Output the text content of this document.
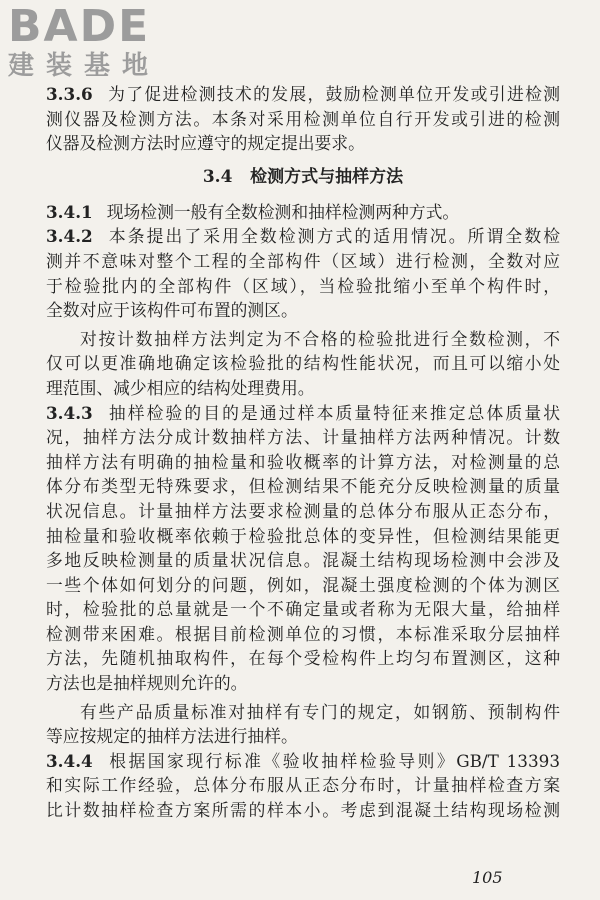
BADE
建装基地
3.3.6 为了促进检测技术的发展，鼓励检测单位开发或引进检测
测仪器及检测方法。本条对采用检测单位自行开发或引进的检测
仪器及检测方法时应遵守的规定提出要求。
3.4 检测方式与抽样方法
3.4.1 现场检测一般有全数检测和抽样检测两种方式。
3.4.2 本条提出了采用全数检测方式的适用情况。所谓全数检
测并不意味对整个工程的全部构件（区域）进行检测，全数对应
于检验批内的全部构件（区域），当检验批缩小至单个构件时，
全数对应于该构件可布置的测区。
对按计数抽样方法判定为不合格的检验批进行全数检测，不
仅可以更准确地确定该检验批的结构性能状况，而且可以缩小处
理范围、减少相应的结构处理费用。
3.4.3 抽样检验的目的是通过样本质量特征来推定总体质量状
况，抽样方法分成计数抽样方法、计量抽样方法两种情况。计数
抽样方法有明确的抽检量和验收概率的计算方法，对检测量的总
体分布类型无特殊要求，但检测结果不能充分反映检测量的质量
状况信息。计量抽样方法要求检测量的总体分布服从正态分布，
抽检量和验收概率依赖于检验批总体的变异性，但检测结果能更
多地反映检测量的质量状况信息。混凝土结构现场检测中会涉及
一些个体如何划分的问题，例如，混凝土强度检测的个体为测区
时，检验批的总量就是一个不确定量或者称为无限大量，给抽样
检测带来困难。根据目前检测单位的习惯，本标准采取分层抽样
方法，先随机抽取构件，在每个受检构件上均匀布置测区，这种
方法也是抽样规则允许的。
有些产品质量标准对抽样有专门的规定，如钢筋、预制构件
等应按规定的抽样方法进行抽样。
3.4.4 根据国家现行标准《验收抽样检验导则》GB/T 13393
和实际工作经验，总体分布服从正态分布时，计量抽样检查方案
比计数抽样检查方案所需的样本小。考虑到混凝土结构现场检测
105
